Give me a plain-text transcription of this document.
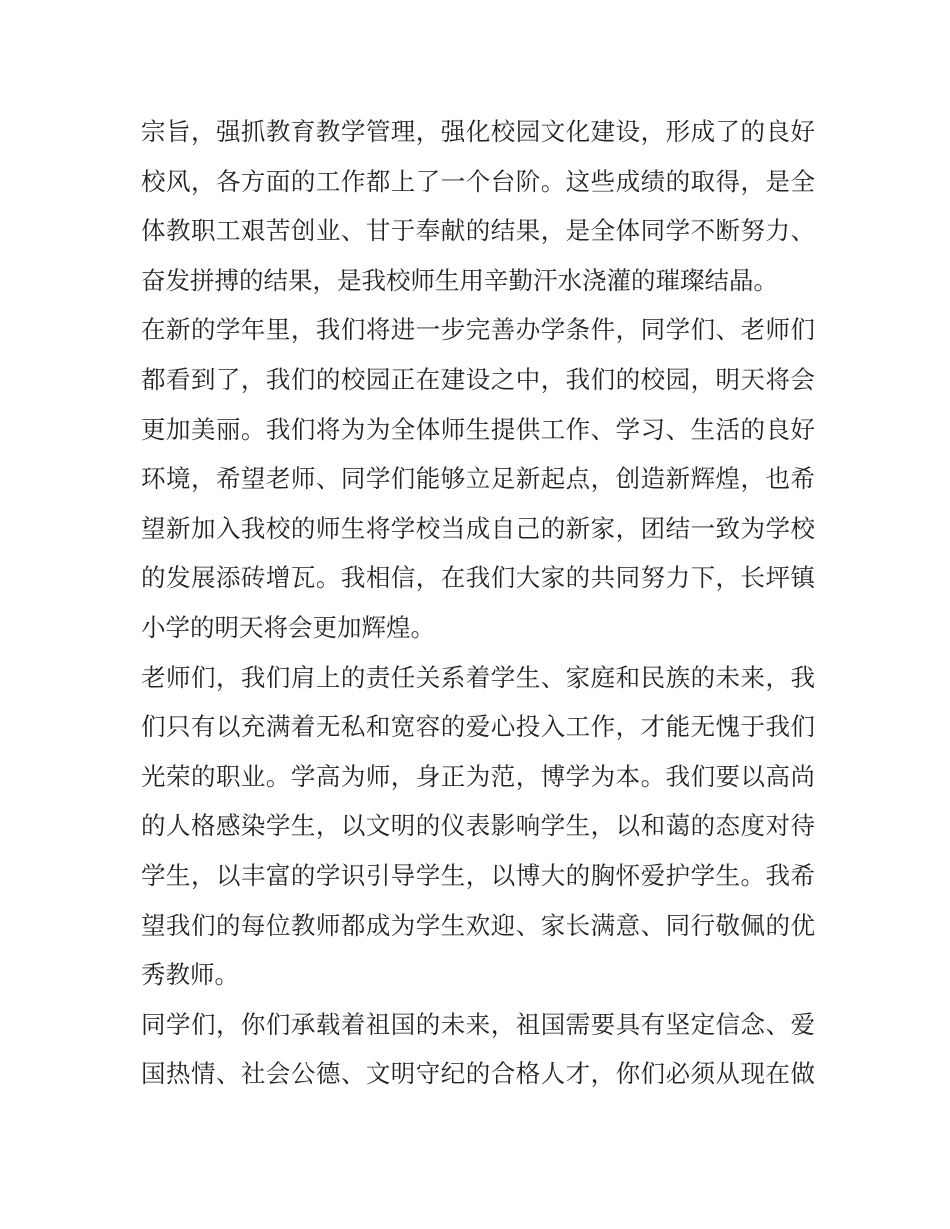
宗旨，强抓教育教学管理，强化校园文化建设，形成了的良好
校风，各方面的工作都上了一个台阶。这些成绩的取得，是全
体教职工艰苦创业、甘于奉献的结果，是全体同学不断努力、
奋发拼搏的结果，是我校师生用辛勤汗水浇灌的璀璨结晶。
在新的学年里，我们将进一步完善办学条件，同学们、老师们
都看到了，我们的校园正在建设之中，我们的校园，明天将会
更加美丽。我们将为为全体师生提供工作、学习、生活的良好
环境，希望老师、同学们能够立足新起点，创造新辉煌，也希
望新加入我校的师生将学校当成自己的新家，团结一致为学校
的发展添砖增瓦。我相信，在我们大家的共同努力下，长坪镇
小学的明天将会更加辉煌。
老师们，我们肩上的责任关系着学生、家庭和民族的未来，我
们只有以充满着无私和宽容的爱心投入工作，才能无愧于我们
光荣的职业。学高为师，身正为范，博学为本。我们要以高尚
的人格感染学生，以文明的仪表影响学生，以和蔼的态度对待
学生，以丰富的学识引导学生，以博大的胸怀爱护学生。我希
望我们的每位教师都成为学生欢迎、家长满意、同行敬佩的优
秀教师。
同学们，你们承载着祖国的未来，祖国需要具有坚定信念、爱
国热情、社会公德、文明守纪的合格人才，你们必须从现在做
